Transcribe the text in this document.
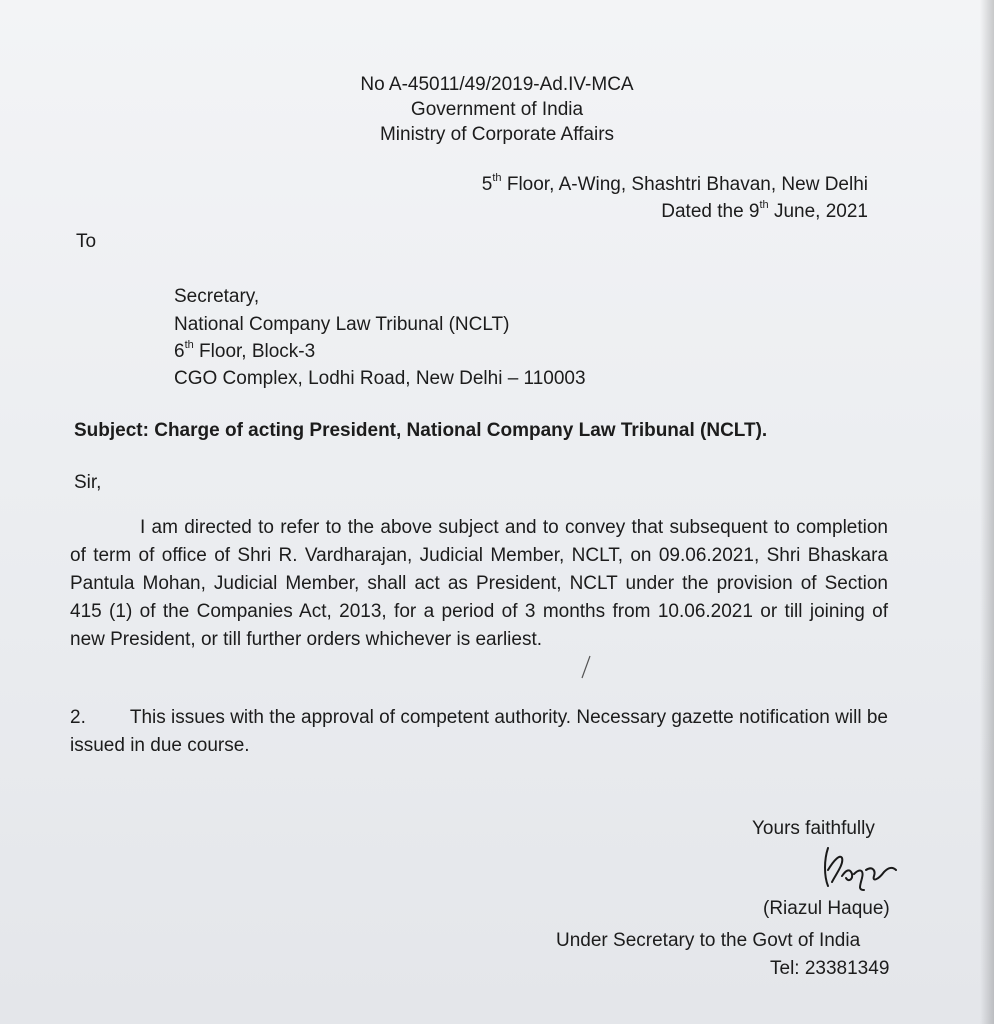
No A-45011/49/2019-Ad.IV-MCA
Government of India
Ministry of Corporate Affairs
5th Floor, A-Wing, Shashtri Bhavan, New Delhi
Dated the 9th June, 2021
To
Secretary,
National Company Law Tribunal (NCLT)
6th Floor, Block-3
CGO Complex, Lodhi Road, New Delhi – 110003
Subject: Charge of acting President, National Company Law Tribunal (NCLT).
Sir,
I am directed to refer to the above subject and to convey that subsequent to completion of term of office of Shri R. Vardharajan, Judicial Member, NCLT, on 09.06.2021, Shri Bhaskara Pantula Mohan, Judicial Member, shall act as President, NCLT under the provision of Section 415 (1) of the Companies Act, 2013, for a period of 3 months from 10.06.2021 or till joining of new President, or till further orders whichever is earliest.
2. This issues with the approval of competent authority. Necessary gazette notification will be issued in due course.
Yours faithfully
(Riazul Haque)
Under Secretary to the Govt of India
Tel: 23381349
